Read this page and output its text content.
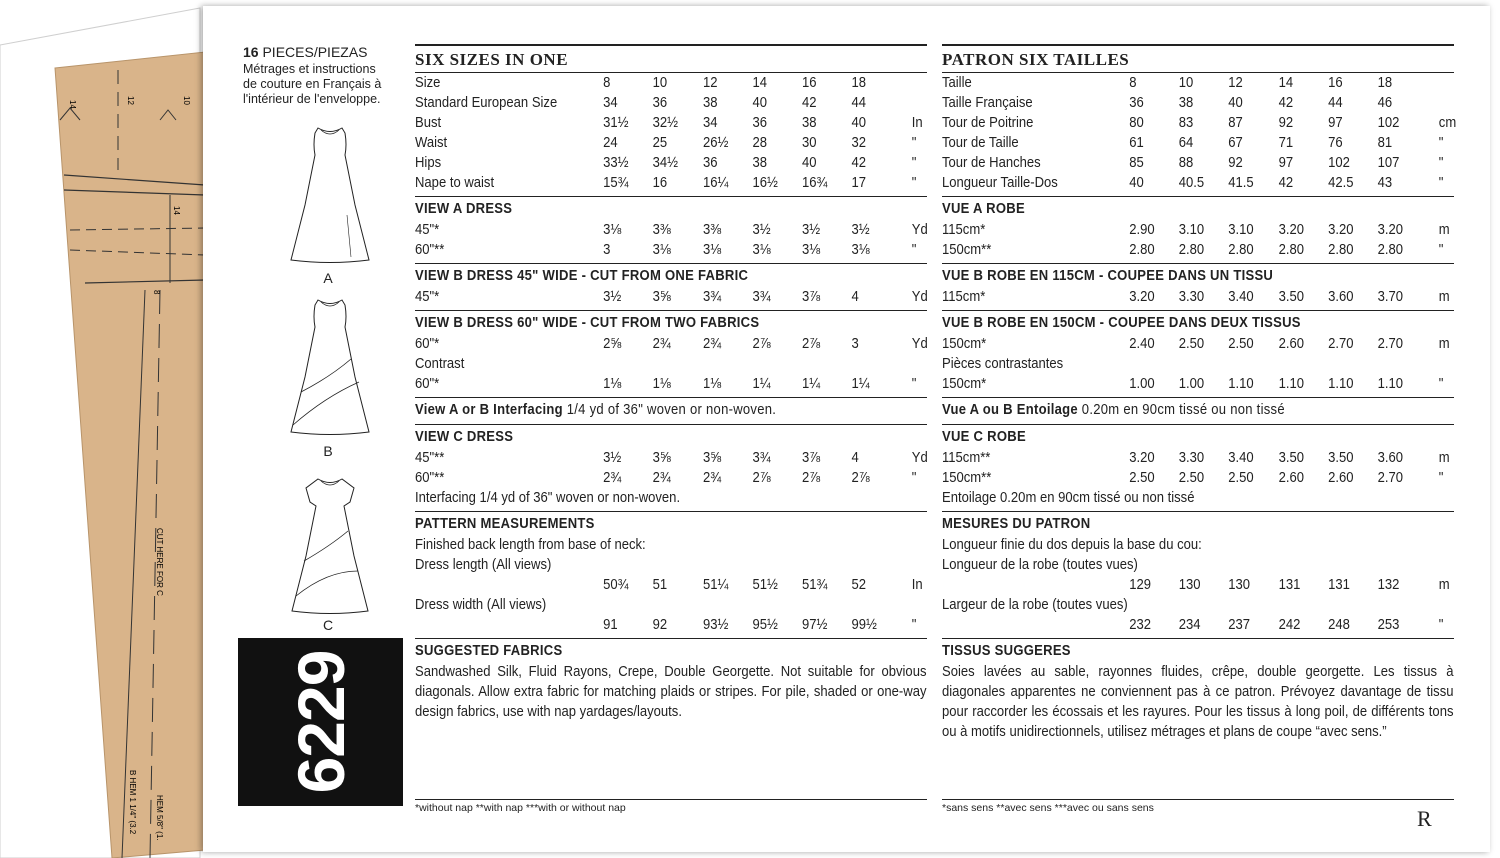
14	12	10
14
8
CUT HERE FOR C
B HEM 1 1/4" (3.2 HEM 5/8" (1.
16 PIECES/PIEZAS
Métrages et instructions
de couture en Français à
l'intérieur de l'enveloppe.
A
B
C
6229
SIX SIZES IN ONE
Size	8	10 12 14 16 18
Standard European Size	34 36 38 40 42 44
Bust	31½ 32½ 34 36 38 40	In
Waist	24 25 26½ 28 30 32	"
Hips	33½ 34½ 36 38 40 42	"
Nape to waist	15¾ 16 16¼ 16½ 16¾ 17	"
VIEW A DRESS
45"*	3⅛ 3⅜ 3⅜ 3½ 3½ 3½	Yd
60"**	3	3⅛ 3⅛ 3⅛ 3⅛ 3⅛	"
VIEW B DRESS 45" WIDE - CUT FROM ONE FABRIC
45"*	3½ 3⅝ 3¾ 3¾ 3⅞ 4	Yd
VIEW B DRESS 60" WIDE - CUT FROM TWO FABRICS
60"*	2⅝ 2¾ 2¾ 2⅞ 2⅞ 3	Yd
Contrast
60"*	1⅛ 1⅛ 1⅛ 1¼ 1¼ 1¼	"
View A or B Interfacing 1/4 yd of 36" woven or non-woven.
VIEW C DRESS
45"**	3½ 3⅝ 3⅝ 3¾ 3⅞ 4	Yd
60"**	2¾ 2¾ 2¾ 2⅞ 2⅞ 2⅞	"
Interfacing 1/4 yd of 36" woven or non-woven.
PATTERN MEASUREMENTS
Finished back length from base of neck:
Dress length (All views)
50¾ 51 51¼ 51½ 51¾ 52	In
Dress width (All views)
91 92 93½ 95½ 97½ 99½ "
SUGGESTED FABRICS
Sandwashed Silk, Fluid Rayons, Crepe, Double Georgette. Not suitable for obvious diagonals. Allow extra fabric for matching plaids or stripes. For pile, shaded or one-way design fabrics, use with nap yardages/layouts.
PATRON SIX TAILLES
Taille	8	10 12 14 16 18
Taille Française	36 38 40 42 44 46
Tour de Poitrine	80 83 87 92 97 102	cm
Tour de Taille	61 64 67 71 76 81	"
Tour de Hanches	85 88 92 97 102 107	"
Longueur Taille-Dos	40 40.5 41.5 42 42.5 43	"
VUE A ROBE
115cm*	2.90 3.10 3.10 3.20 3.20 3.20 m
150cm**	2.80 2.80 2.80 2.80 2.80 2.80 "
VUE B ROBE EN 115CM - COUPEE DANS UN TISSU
115cm*	3.20 3.30 3.40 3.50 3.60 3.70 m
VUE B ROBE EN 150CM - COUPEE DANS DEUX TISSUS
150cm*	2.40 2.50 2.50 2.60 2.70 2.70 m
Pièces contrastantes
150cm*	1.00 1.00 1.10 1.10 1.10 1.10 "
Vue A ou B Entoilage 0.20m en 90cm tissé ou non tissé
VUE C ROBE
115cm**	3.20 3.30 3.40 3.50 3.50 3.60 m
150cm**	2.50 2.50 2.50 2.60 2.60 2.70 "
Entoilage 0.20m en 90cm tissé ou non tissé
MESURES DU PATRON
Longueur finie du dos depuis la base du cou:
Longueur de la robe (toutes vues)
129 130 130 131 131 132	m
Largeur de la robe (toutes vues)
232 234 237 242 248 253	"
TISSUS SUGGERES
Soies lavées au sable, rayonnes fluides, crêpe, double georgette. Les tissus à diagonales apparentes ne conviennent pas à ce patron. Prévoyez davantage de tissu pour raccorder les écossais et les rayures. Pour les tissus à long poil, de différents tons ou à motifs unidirectionnels, utilisez métrages et plans de coupe “avec sens.”
*without nap **with nap ***with or without nap	*sans sens **avec sens ***avec ou sans sens	R
